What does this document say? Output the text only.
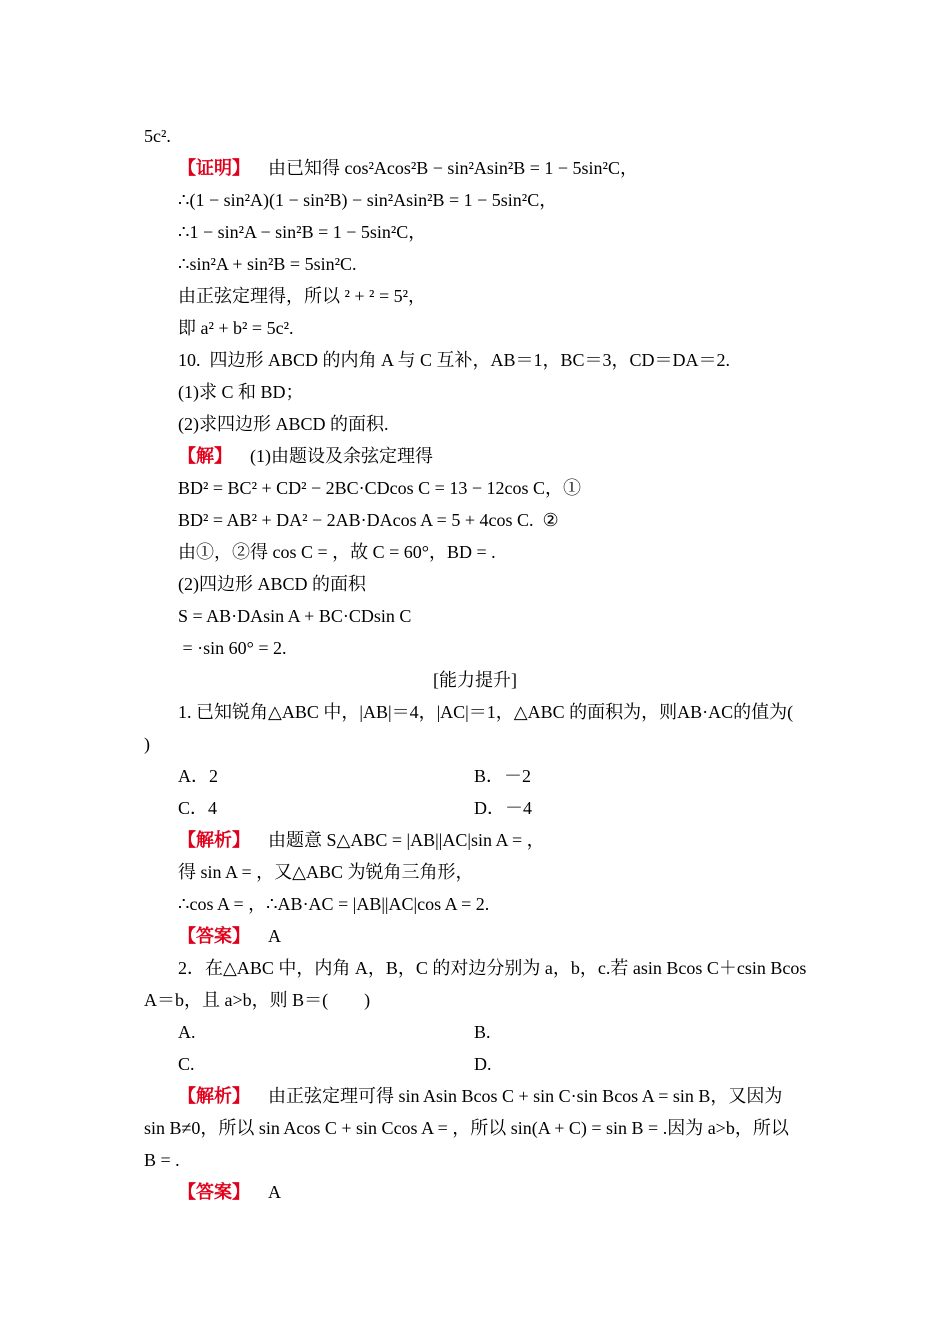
5c².
【证明】 由已知得 cos²Acos²B − sin²Asin²B = 1 − 5sin²C，
∴(1 − sin²A)(1 − sin²B) − sin²Asin²B = 1 − 5sin²C，
∴1 − sin²A − sin²B = 1 − 5sin²C，
∴sin²A + sin²B = 5sin²C.
由正弦定理得，所以 ² + ² = 5²，
即 a² + b² = 5c².
10.  四边形 ABCD 的内角 A 与 C 互补，AB＝1，BC＝3，CD＝DA＝2.
(1)求 C 和 BD；
(2)求四边形 ABCD 的面积.
【解】 (1)由题设及余弦定理得
BD² = BC² + CD² − 2BC·CDcos C = 13 − 12cos C，①
BD² = AB² + DA² − 2AB·DAcos A = 5 + 4cos C.  ②
由①，②得 cos C = ，故 C = 60°，BD = .
(2)四边形 ABCD 的面积
S = AB·DAsin A + BC·CDsin C
= ·sin 60° = 2.
[能力提升]
1. 已知锐角△ABC 中，|AB|＝4，|AC|＝1，△ABC 的面积为，则AB·AC的值为(
)
A．2	B．－2
C．4	D．－4
【解析】 由题意 S△ABC = |AB||AC|sin A = ，
得 sin A = ，又△ABC 为锐角三角形，
∴cos A = ，∴AB·AC = |AB||AC|cos A = 2.
【答案】 A
2．在△ABC 中，内角 A，B，C 的对边分别为 a，b，c.若 asin Bcos C＋csin Bcos
A＝b，且 a>b，则 B＝(　　)
A.	B.
C.	D.
【解析】 由正弦定理可得 sin Asin Bcos C + sin C·sin Bcos A = sin B，又因为
sin B≠0，所以 sin Acos C + sin Ccos A = ，所以 sin(A + C) = sin B = .因为 a>b，所以
B = .
【答案】 A
